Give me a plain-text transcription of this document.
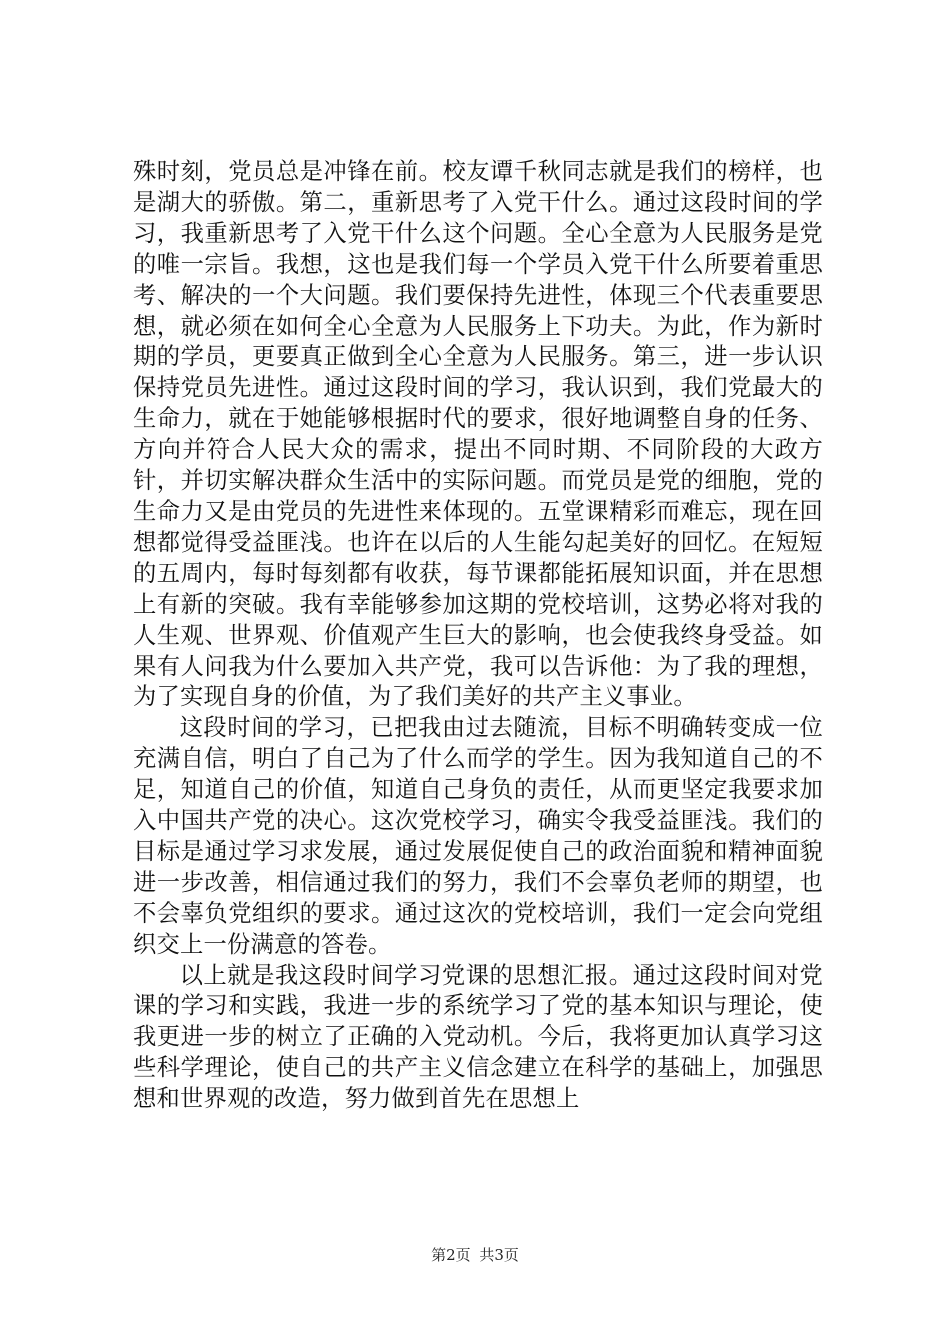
殊时刻，党员总是冲锋在前。校友谭千秋同志就是我们的榜样，也是湖大的骄傲。第二，重新思考了入党干什么。通过这段时间的学习，我重新思考了入党干什么这个问题。全心全意为人民服务是党的唯一宗旨。我想，这也是我们每一个学员入党干什么所要着重思考、解决的一个大问题。我们要保持先进性，体现三个代表重要思想，就必须在如何全心全意为人民服务上下功夫。为此，作为新时期的学员，更要真正做到全心全意为人民服务。第三，进一步认识保持党员先进性。通过这段时间的学习，我认识到，我们党最大的生命力，就在于她能够根据时代的要求，很好地调整自身的任务、方向并符合人民大众的需求，提出不同时期、不同阶段的大政方针，并切实解决群众生活中的实际问题。而党员是党的细胞，党的生命力又是由党员的先进性来体现的。五堂课精彩而难忘，现在回想都觉得受益匪浅。也许在以后的人生能勾起美好的回忆。在短短的五周内，每时每刻都有收获，每节课都能拓展知识面，并在思想上有新的突破。我有幸能够参加这期的党校培训，这势必将对我的人生观、世界观、价值观产生巨大的影响，也会使我终身受益。如果有人问我为什么要加入共产党，我可以告诉他：为了我的理想，为了实现自身的价值，为了我们美好的共产主义事业。

这段时间的学习，已把我由过去随流，目标不明确转变成一位充满自信，明白了自己为了什么而学的学生。因为我知道自己的不足，知道自己的价值，知道自己身负的责任，从而更坚定我要求加入中国共产党的决心。这次党校学习，确实令我受益匪浅。我们的目标是通过学习求发展，通过发展促使自己的政治面貌和精神面貌进一步改善，相信通过我们的努力，我们不会辜负老师的期望，也不会辜负党组织的要求。通过这次的党校培训，我们一定会向党组织交上一份满意的答卷。

以上就是我这段时间学习党课的思想汇报。通过这段时间对党课的学习和实践，我进一步的系统学习了党的基本知识与理论，使我更进一步的树立了正确的入党动机。今后，我将更加认真学习这些科学理论，使自己的共产主义信念建立在科学的基础上，加强思想和世界观的改造，努力做到首先在思想上

第2页 共3页
